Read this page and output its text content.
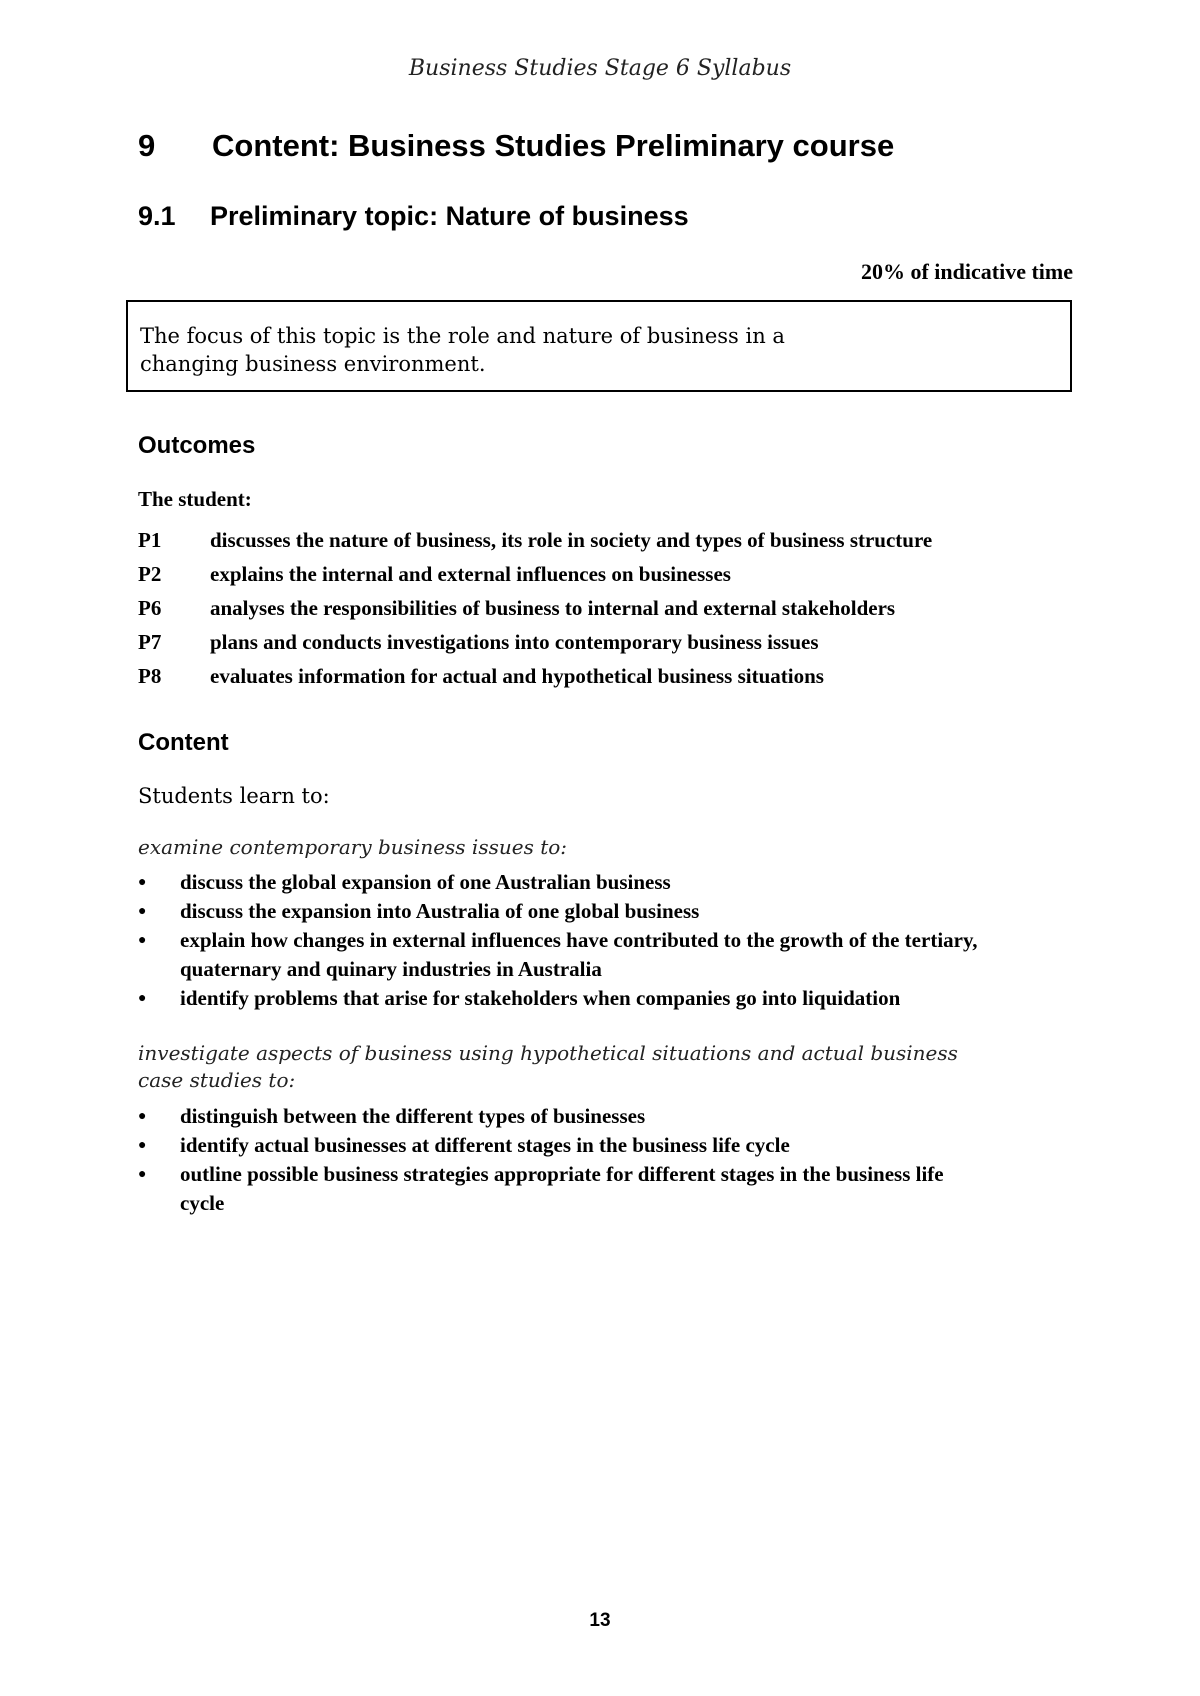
Business Studies Stage 6 Syllabus
9	Content: Business Studies Preliminary course
9.1	Preliminary topic: Nature of business
20% of indicative time

The focus of this topic is the role and nature of business in a changing business environment.

Outcomes
The student:
P1	discusses the nature of business, its role in society and types of business structure
P2	explains the internal and external influences on businesses
P6	analyses the responsibilities of business to internal and external stakeholders
P7	plans and conducts investigations into contemporary business issues
P8	evaluates information for actual and hypothetical business situations
Content
Students learn to:
examine contemporary business issues to:
●	discuss the global expansion of one Australian business
●	discuss the expansion into Australia of one global business
●	explain how changes in external influences have contributed to the growth of the tertiary, quaternary and quinary industries in Australia
●	identify problems that arise for stakeholders when companies go into liquidation
investigate aspects of business using hypothetical situations and actual business case studies to:
●	distinguish between the different types of businesses
●	identify actual businesses at different stages in the business life cycle
●	outline possible business strategies appropriate for different stages in the business life cycle
13
